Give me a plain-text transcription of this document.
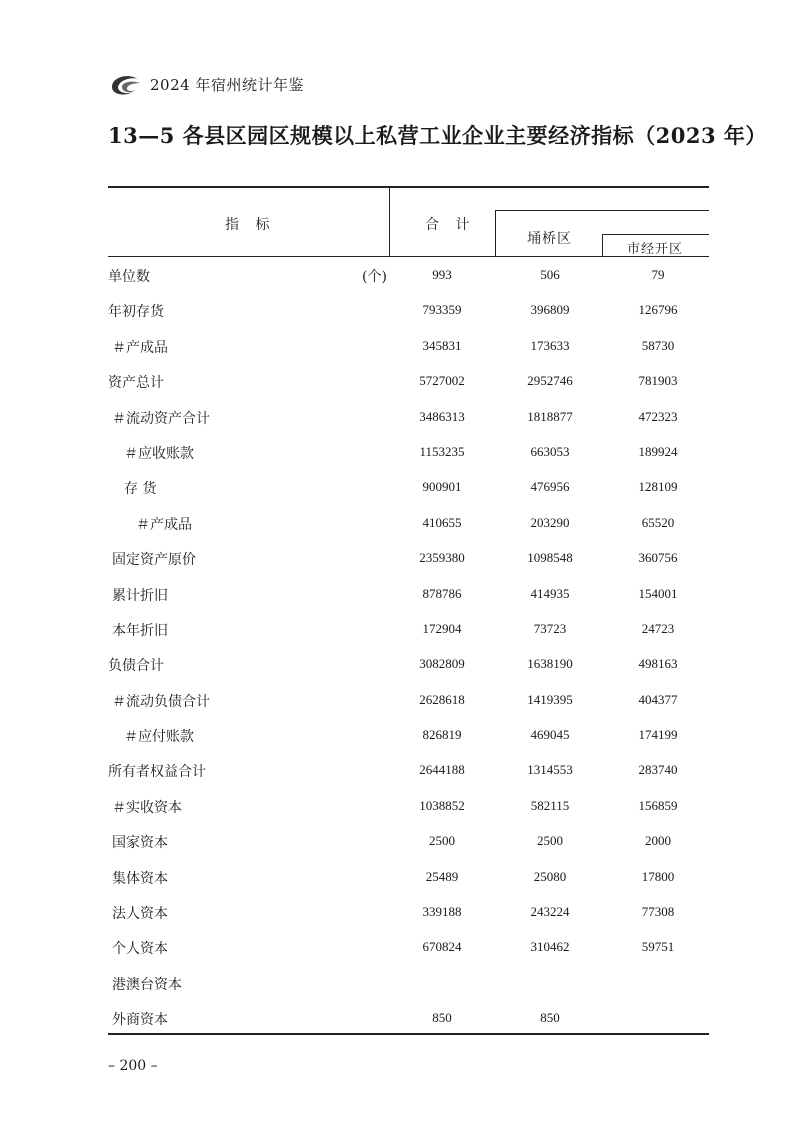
2024 年宿州统计年鉴
13—5 各县区园区规模以上私营工业企业主要经济指标（2023 年）
指 标	合 计
埇桥区
市经开区
单位数	(个)	993	506	79
年初存货	793359	396809	126796
＃产成品	345831	173633	58730
资产总计	5727002	2952746	781903
＃流动资产合计	3486313	1818877	472323
＃应收账款	1153235	663053	189924
存 货	900901	476956	128109
＃产成品	410655	203290	65520
固定资产原价	2359380	1098548	360756
累计折旧	878786	414935	154001
本年折旧	172904	73723	24723
负债合计	3082809	1638190	498163
＃流动负债合计	2628618	1419395	404377
＃应付账款	826819	469045	174199
所有者权益合计	2644188	1314553	283740
＃实收资本	1038852	582115	156859
国家资本	2500	2500	2000
集体资本	25489	25080	17800
法人资本	339188	243224	77308
个人资本	670824	310462	59751
港澳台资本
外商资本	850	850
– 200 –
